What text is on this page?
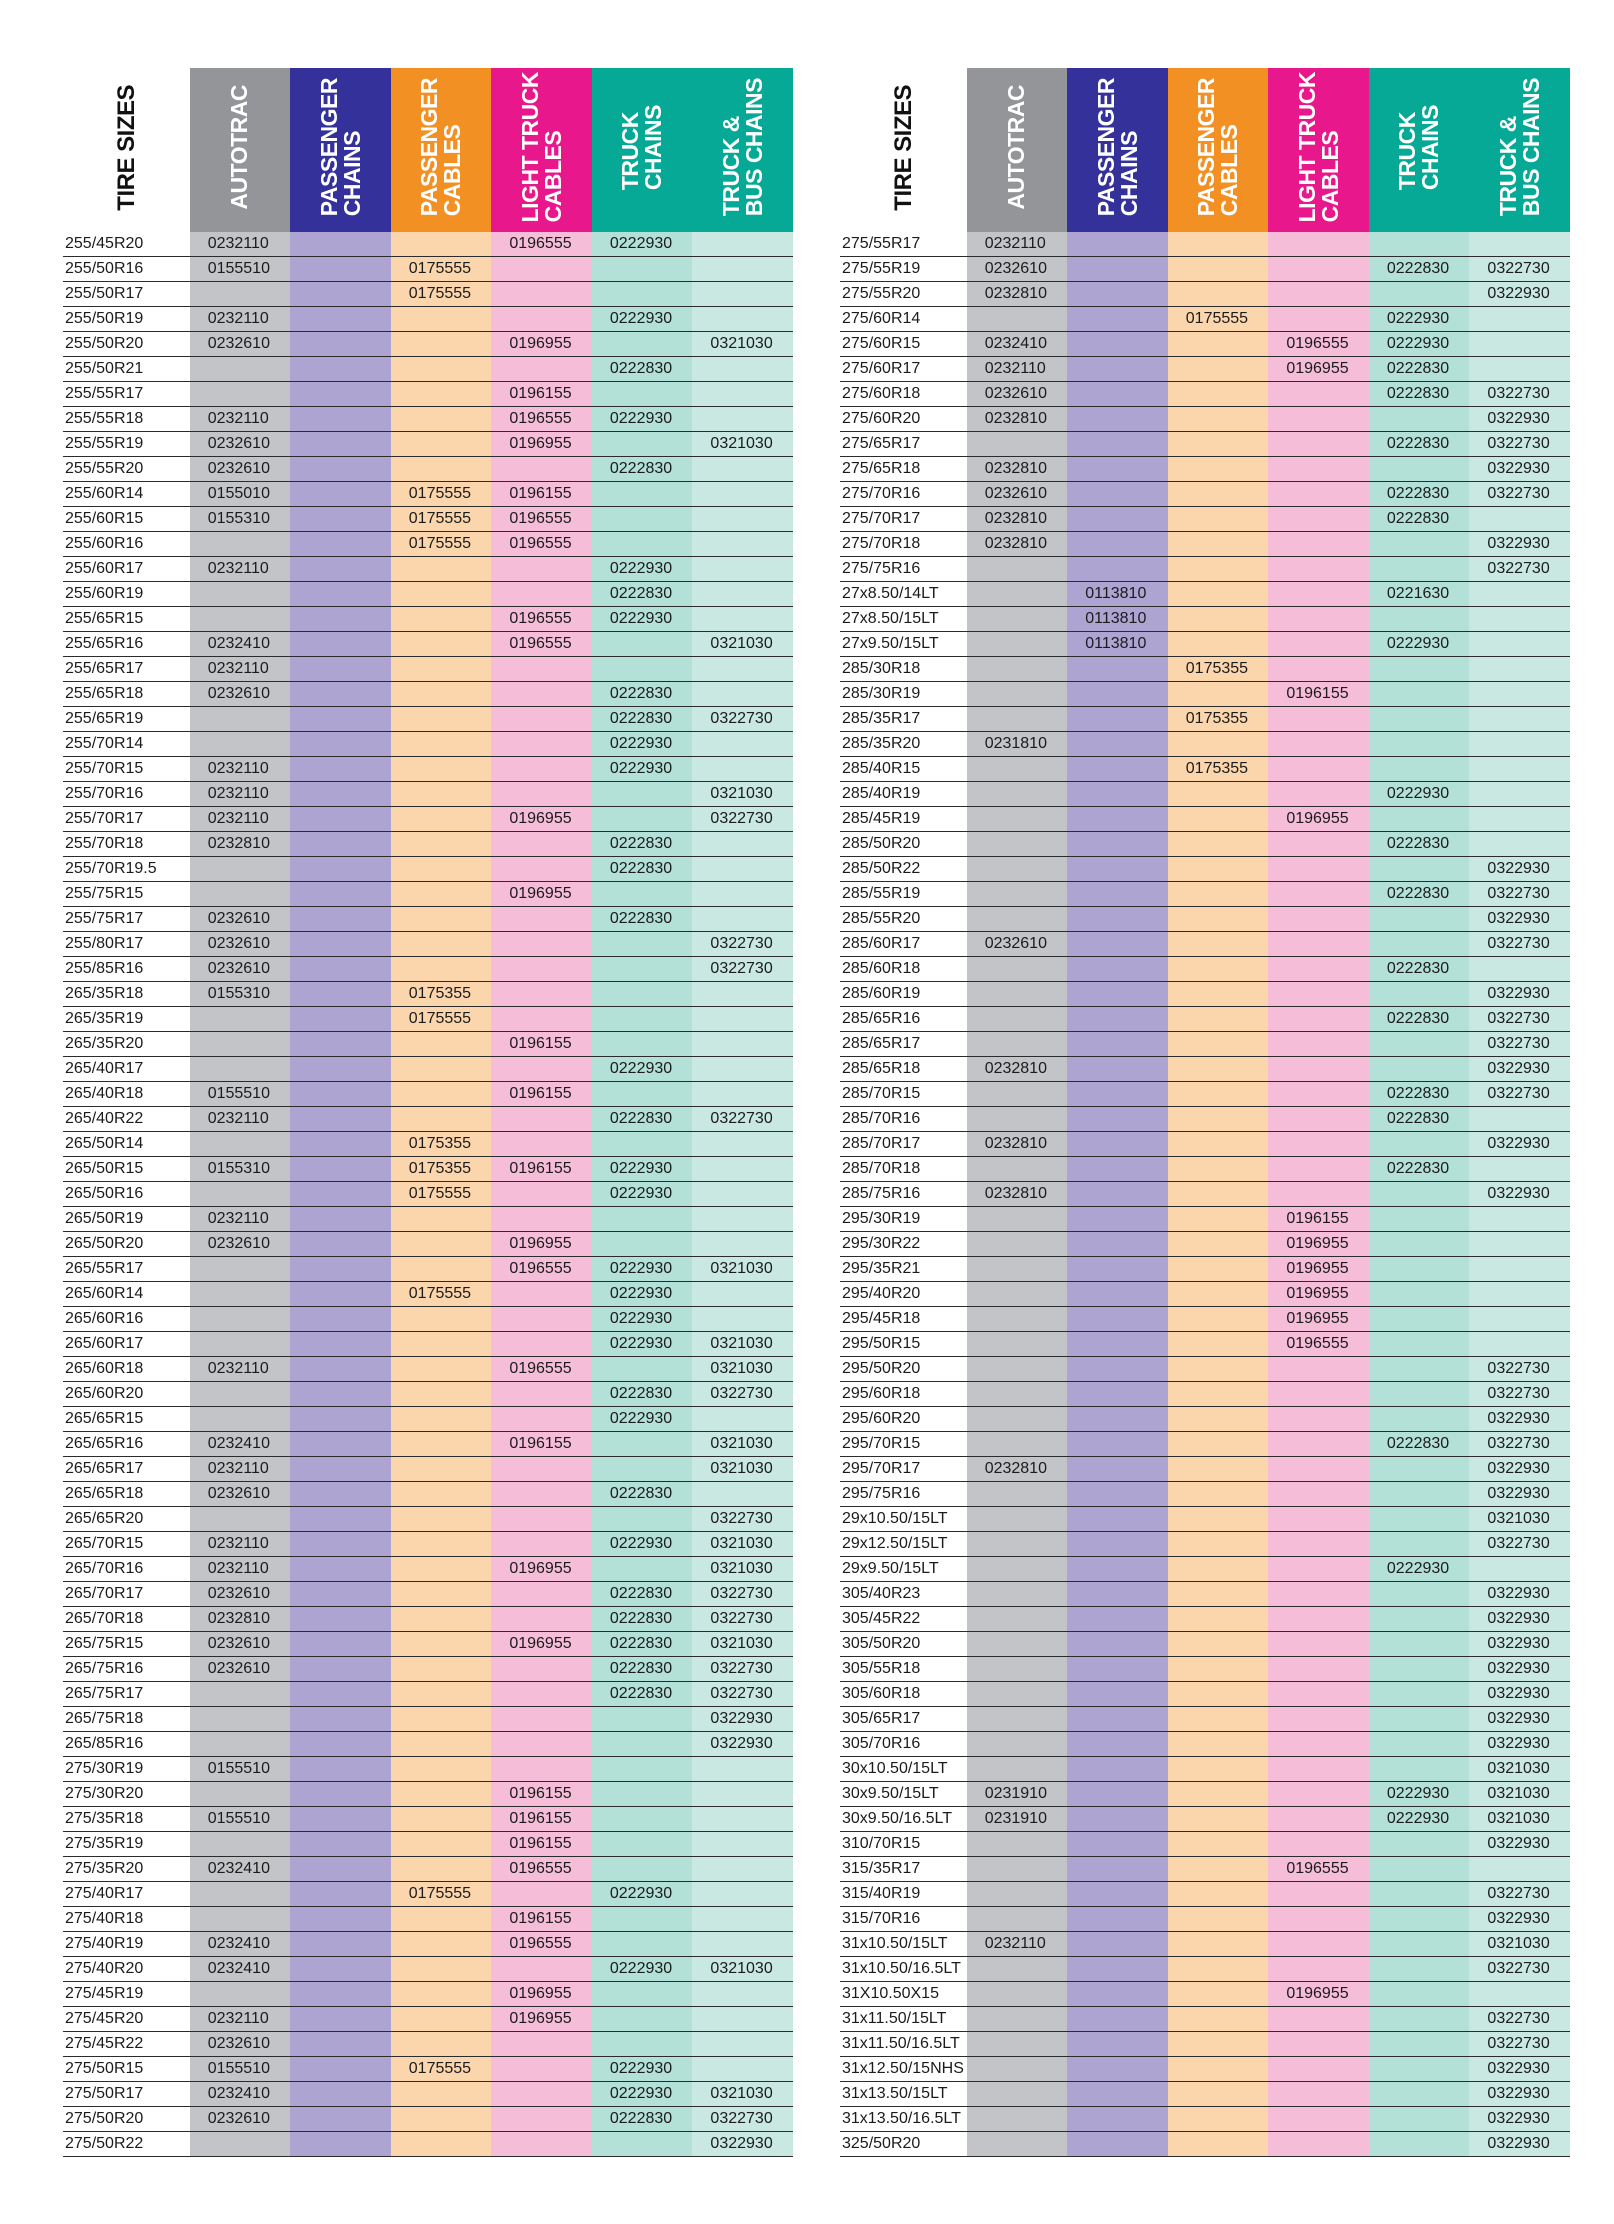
TIRE SIZES	AUTOTRAC	PASSENGER
CHAINS	PASSENGER
CABLES	LIGHT TRUCK
CABLES	TRUCK
CHAINS	TRUCK &
BUS CHAINS
255/45R20	0232110			0196555	0222930	
255/50R16	0155510		0175555			
255/50R17			0175555			
255/50R19	0232110				0222930	
255/50R20	0232610			0196955		0321030
255/50R21					0222830	
255/55R17				0196155		
255/55R18	0232110			0196555	0222930	
255/55R19	0232610			0196955		0321030
255/55R20	0232610				0222830	
255/60R14	0155010		0175555	0196155		
255/60R15	0155310		0175555	0196555		
255/60R16			0175555	0196555		
255/60R17	0232110				0222930	
255/60R19					0222830	
255/65R15				0196555	0222930	
255/65R16	0232410			0196555		0321030
255/65R17	0232110					
255/65R18	0232610				0222830	
255/65R19					0222830	0322730
255/70R14					0222930	
255/70R15	0232110				0222930	
255/70R16	0232110					0321030
255/70R17	0232110			0196955		0322730
255/70R18	0232810				0222830	
255/70R19.5					0222830	
255/75R15				0196955		
255/75R17	0232610				0222830	
255/80R17	0232610					0322730
255/85R16	0232610					0322730
265/35R18	0155310		0175355			
265/35R19			0175555			
265/35R20				0196155		
265/40R17					0222930	
265/40R18	0155510			0196155		
265/40R22	0232110				0222830	0322730
265/50R14			0175355			
265/50R15	0155310		0175355	0196155	0222930	
265/50R16			0175555		0222930	
265/50R19	0232110					
265/50R20	0232610			0196955		
265/55R17				0196555	0222930	0321030
265/60R14			0175555		0222930	
265/60R16					0222930	
265/60R17					0222930	0321030
265/60R18	0232110			0196555		0321030
265/60R20					0222830	0322730
265/65R15					0222930	
265/65R16	0232410			0196155		0321030
265/65R17	0232110					0321030
265/65R18	0232610				0222830	
265/65R20						0322730
265/70R15	0232110				0222930	0321030
265/70R16	0232110			0196955		0321030
265/70R17	0232610				0222830	0322730
265/70R18	0232810				0222830	0322730
265/75R15	0232610			0196955	0222830	0321030
265/75R16	0232610				0222830	0322730
265/75R17					0222830	0322730
265/75R18						0322930
265/85R16						0322930
275/30R19	0155510					
275/30R20				0196155		
275/35R18	0155510			0196155		
275/35R19				0196155		
275/35R20	0232410			0196555		
275/40R17			0175555		0222930	
275/40R18				0196155		
275/40R19	0232410			0196555		
275/40R20	0232410				0222930	0321030
275/45R19				0196955		
275/45R20	0232110			0196955		
275/45R22	0232610					
275/50R15	0155510		0175555		0222930	
275/50R17	0232410				0222930	0321030
275/50R20	0232610				0222830	0322730
275/50R22						0322930
TIRE SIZES	AUTOTRAC	PASSENGER
CHAINS	PASSENGER
CABLES	LIGHT TRUCK
CABLES	TRUCK
CHAINS	TRUCK &
BUS CHAINS
275/55R17	0232110					
275/55R19	0232610				0222830	0322730
275/55R20	0232810					0322930
275/60R14			0175555		0222930	
275/60R15	0232410			0196555	0222930	
275/60R17	0232110			0196955	0222830	
275/60R18	0232610				0222830	0322730
275/60R20	0232810					0322930
275/65R17					0222830	0322730
275/65R18	0232810					0322930
275/70R16	0232610				0222830	0322730
275/70R17	0232810				0222830	
275/70R18	0232810					0322930
275/75R16						0322730
27x8.50/14LT		0113810			0221630	
27x8.50/15LT		0113810				
27x9.50/15LT		0113810			0222930	
285/30R18			0175355			
285/30R19				0196155		
285/35R17			0175355			
285/35R20	0231810					
285/40R15			0175355			
285/40R19					0222930	
285/45R19				0196955		
285/50R20					0222830	
285/50R22						0322930
285/55R19					0222830	0322730
285/55R20						0322930
285/60R17	0232610					0322730
285/60R18					0222830	
285/60R19						0322930
285/65R16					0222830	0322730
285/65R17						0322730
285/65R18	0232810					0322930
285/70R15					0222830	0322730
285/70R16					0222830	
285/70R17	0232810					0322930
285/70R18					0222830	
285/75R16	0232810					0322930
295/30R19				0196155		
295/30R22				0196955		
295/35R21				0196955		
295/40R20				0196955		
295/45R18				0196955		
295/50R15				0196555		
295/50R20						0322730
295/60R18						0322730
295/60R20						0322930
295/70R15					0222830	0322730
295/70R17	0232810					0322930
295/75R16						0322930
29x10.50/15LT						0321030
29x12.50/15LT						0322730
29x9.50/15LT					0222930	
305/40R23						0322930
305/45R22						0322930
305/50R20						0322930
305/55R18						0322930
305/60R18						0322930
305/65R17						0322930
305/70R16						0322930
30x10.50/15LT						0321030
30x9.50/15LT	0231910				0222930	0321030
30x9.50/16.5LT	0231910				0222930	0321030
310/70R15						0322930
315/35R17				0196555		
315/40R19						0322730
315/70R16						0322930
31x10.50/15LT	0232110					0321030
31x10.50/16.5LT						0322730
31X10.50X15				0196955		
31x11.50/15LT						0322730
31x11.50/16.5LT						0322730
31x12.50/15NHS						0322930
31x13.50/15LT						0322930
31x13.50/16.5LT						0322930
325/50R20						0322930
